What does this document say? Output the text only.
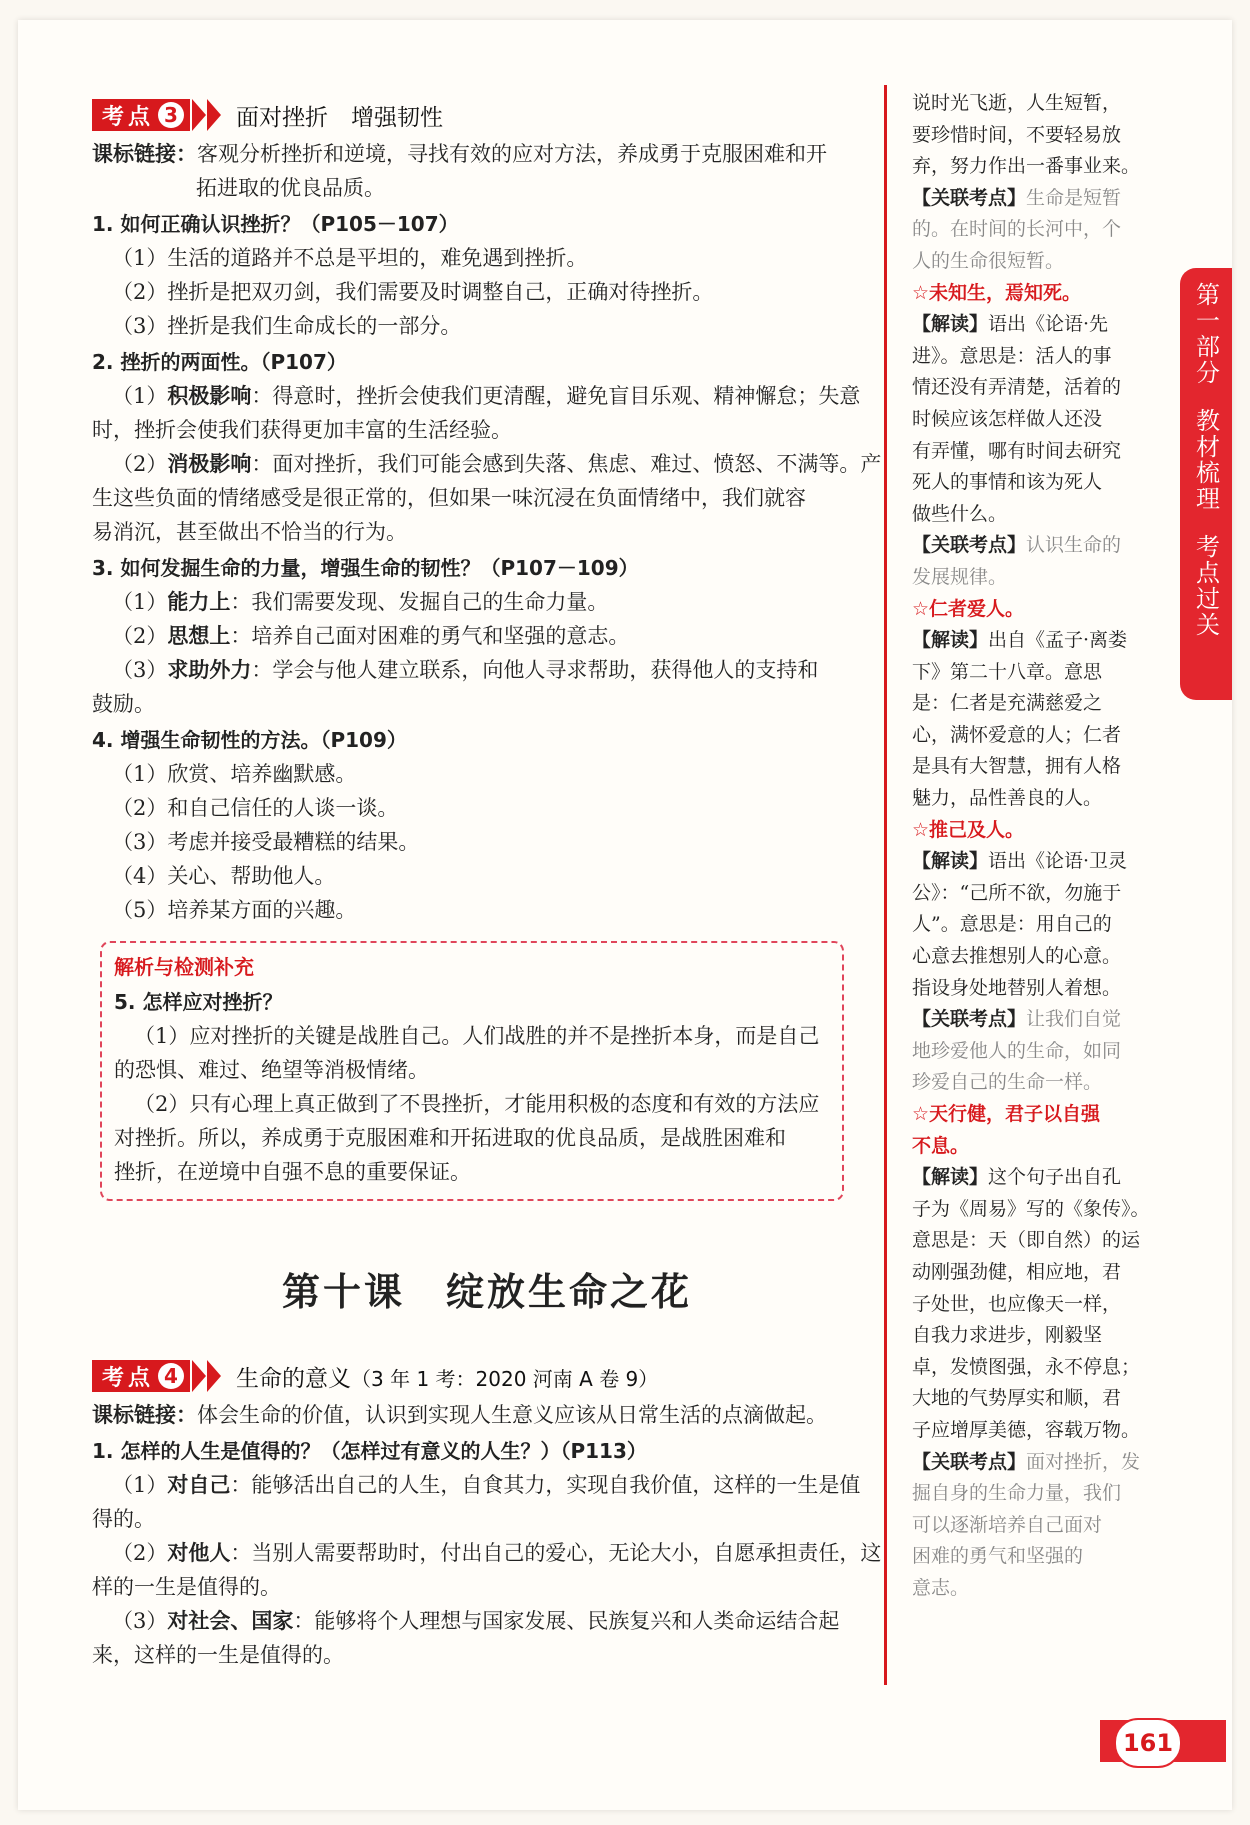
考点 3	面对挫折　增强韧性
课标链接：客观分析挫折和逆境，寻找有效的应对方法，养成勇于克服困难和开
拓进取的优良品质。
1. 如何正确认识挫折？（P105－107）
（1）生活的道路并不总是平坦的，难免遇到挫折。
（2）挫折是把双刃剑，我们需要及时调整自己，正确对待挫折。
（3）挫折是我们生命成长的一部分。
2. 挫折的两面性。（P107）
（1）积极影响：得意时，挫折会使我们更清醒，避免盲目乐观、精神懈怠；失意
时，挫折会使我们获得更加丰富的生活经验。
（2）消极影响：面对挫折，我们可能会感到失落、焦虑、难过、愤怒、不满等。产
生这些负面的情绪感受是很正常的，但如果一味沉浸在负面情绪中，我们就容
易消沉，甚至做出不恰当的行为。
3. 如何发掘生命的力量，增强生命的韧性？（P107－109）
（1）能力上：我们需要发现、发掘自己的生命力量。
（2）思想上：培养自己面对困难的勇气和坚强的意志。
（3）求助外力：学会与他人建立联系，向他人寻求帮助，获得他人的支持和
鼓励。
4. 增强生命韧性的方法。（P109）
（1）欣赏、培养幽默感。
（2）和自己信任的人谈一谈。
（3）考虑并接受最糟糕的结果。
（4）关心、帮助他人。
（5）培养某方面的兴趣。
解析与检测补充
5. 怎样应对挫折？
（1）应对挫折的关键是战胜自己。人们战胜的并不是挫折本身，而是自己
的恐惧、难过、绝望等消极情绪。
（2）只有心理上真正做到了不畏挫折，才能用积极的态度和有效的方法应
对挫折。所以，养成勇于克服困难和开拓进取的优良品质，是战胜困难和
挫折，在逆境中自强不息的重要保证。
第十课　绽放生命之花
考点 4	生命的意义（3 年 1 考：2020 河南 A 卷 9）
课标链接：体会生命的价值，认识到实现人生意义应该从日常生活的点滴做起。
1. 怎样的人生是值得的？（怎样过有意义的人生？）（P113）
（1）对自己：能够活出自己的人生，自食其力，实现自我价值，这样的一生是值
得的。
（2）对他人：当别人需要帮助时，付出自己的爱心，无论大小，自愿承担责任，这
样的一生是值得的。
（3）对社会、国家：能够将个人理想与国家发展、民族复兴和人类命运结合起
来，这样的一生是值得的。
说时光飞逝，人生短暂，
要珍惜时间，不要轻易放
弃，努力作出一番事业来。
【关联考点】生命是短暂
的。在时间的长河中，个
人的生命很短暂。
☆未知生，焉知死。
【解读】语出《论语·先
进》。意思是：活人的事
情还没有弄清楚，活着的
时候应该怎样做人还没
有弄懂，哪有时间去研究
死人的事情和该为死人
做些什么。
【关联考点】认识生命的
发展规律。
☆仁者爱人。
【解读】出自《孟子·离娄
下》第二十八章。意思
是：仁者是充满慈爱之
心，满怀爱意的人；仁者
是具有大智慧，拥有人格
魅力，品性善良的人。
☆推己及人。
【解读】语出《论语·卫灵
公》：“己所不欲，勿施于
人”。意思是：用自己的
心意去推想别人的心意。
指设身处地替别人着想。
【关联考点】让我们自觉
地珍爱他人的生命，如同
珍爱自己的生命一样。
☆天行健，君子以自强
不息。
【解读】这个句子出自孔
子为《周易》写的《象传》。
意思是：天（即自然）的运
动刚强劲健，相应地，君
子处世，也应像天一样，
自我力求进步，刚毅坚
卓，发愤图强，永不停息；
大地的气势厚实和顺，君
子应增厚美德，容载万物。
【关联考点】面对挫折，发
掘自身的生命力量，我们
可以逐渐培养自己面对
困难的勇气和坚强的
意志。
第一部分
教材梳理
考点过关
161
